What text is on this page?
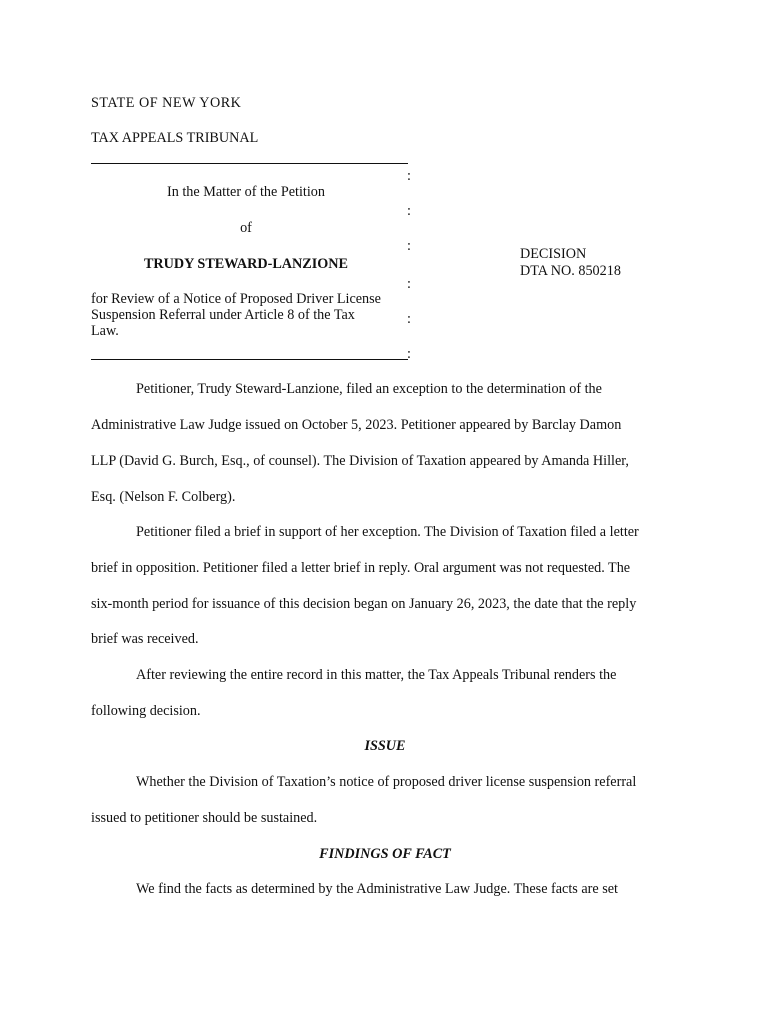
STATE OF NEW YORK
TAX APPEALS TRIBUNAL
:
:
:
:
:
:
In the Matter of the Petition
of
TRUDY STEWARD-LANZIONE
for Review of a Notice of Proposed Driver License
Suspension Referral under Article 8 of the Tax
Law.
DECISION
DTA NO. 850218
Petitioner, Trudy Steward-Lanzione, filed an exception to the determination of the
Administrative Law Judge issued on October 5, 2023. Petitioner appeared by Barclay Damon
LLP (David G. Burch, Esq., of counsel). The Division of Taxation appeared by Amanda Hiller,
Esq. (Nelson F. Colberg).
Petitioner filed a brief in support of her exception. The Division of Taxation filed a letter
brief in opposition. Petitioner filed a letter brief in reply. Oral argument was not requested. The
six-month period for issuance of this decision began on January 26, 2023, the date that the reply
brief was received.
After reviewing the entire record in this matter, the Tax Appeals Tribunal renders the
following decision.
ISSUE
Whether the Division of Taxation’s notice of proposed driver license suspension referral
issued to petitioner should be sustained.
FINDINGS OF FACT
We find the facts as determined by the Administrative Law Judge. These facts are set
